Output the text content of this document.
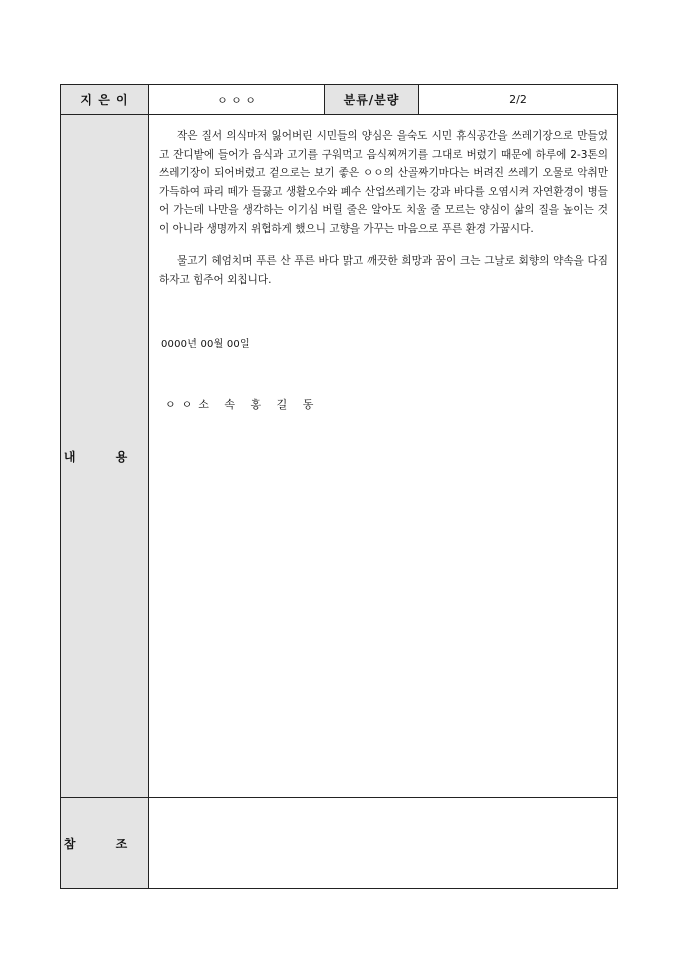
지 은 이	ㅇ ㅇ ㅇ	분류/분량	2/2
내 용	작은 질서 의식마저 잃어버린 시민들의 양심은 을숙도 시민 휴식공간을 쓰레기장으로 만들었고 잔디밭에 들어가 음식과 고기를 구워먹고 음식찌꺼기를 그대로 버렸기 때문에 하루에 2-3톤의 쓰레기장이 되어버렸고 겉으로는 보기 좋은 ㅇㅇ의 산골짜기마다는 버려진 쓰레기 오물로 악취만 가득하여 파리 떼가 들끓고 생활오수와 폐수 산업쓰레기는 강과 바다를 오염시켜 자연환경이 병들어 가는데 나만을 생각하는 이기심 버릴 줄은 알아도 치울 줄 모르는 양심이 삶의 질을 높이는 것이 아니라 생명까지 위협하게 했으니 고향을 가꾸는 마음으로 푸른 환경 가꿉시다.

물고기 헤엄치며 푸른 산 푸른 바다 맑고 깨끗한 희망과 꿈이 크는 그날로 회향의 약속을 다짐하자고 힘주어 외칩니다.

0000년 00월 00일
ㅇㅇ소 속 홍 길 동		

참 조			
